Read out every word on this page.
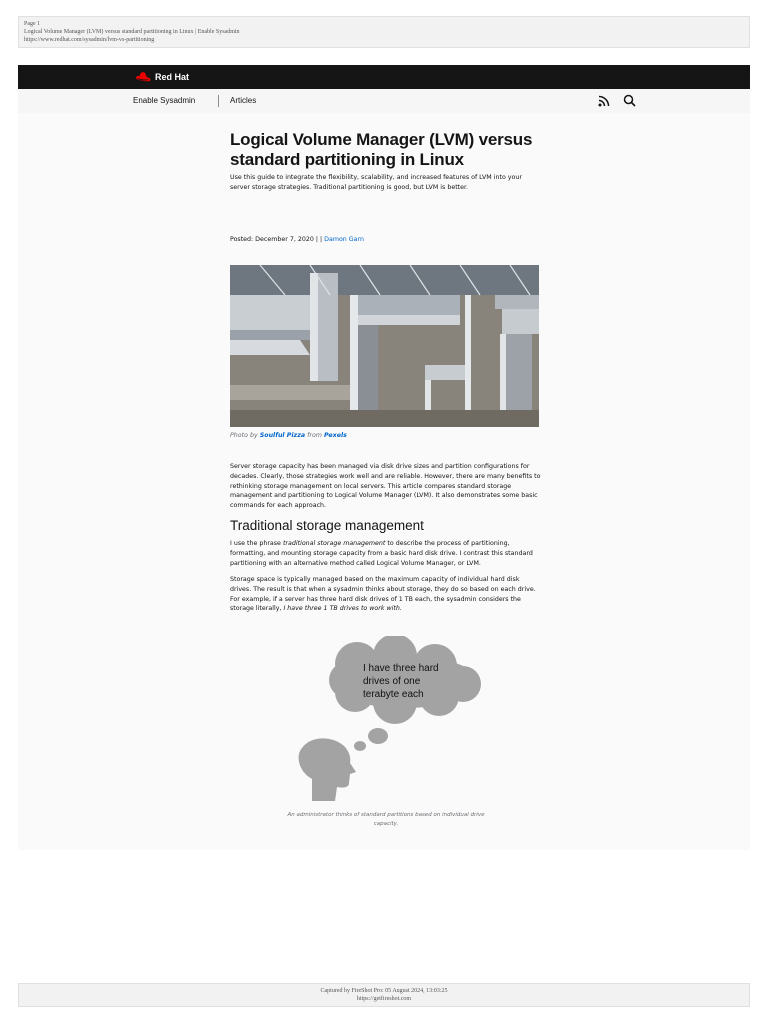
Page 1
Logical Volume Manager (LVM) versus standard partitioning in Linux | Enable Sysadmin
https://www.redhat.com/sysadmin/lvm-vs-partitioning
Red Hat
Enable Sysadmin	Articles
Logical Volume Manager (LVM) versus standard partitioning in Linux

Use this guide to integrate the flexibility, scalability, and increased features of LVM into your server storage strategies. Traditional partitioning is good, but LVM is better.

Posted: December 7, 2020 | | Damon Garn
Photo by Soulful Pizza from Pexels

Server storage capacity has been managed via disk drive sizes and partition configurations for decades. Clearly, those strategies work well and are reliable. However, there are many benefits to rethinking storage management on local servers. This article compares standard storage management and partitioning to Logical Volume Manager (LVM). It also demonstrates some basic commands for each approach.

Traditional storage management

I use the phrase traditional storage management to describe the process of partitioning, formatting, and mounting storage capacity from a basic hard disk drive. I contrast this standard partitioning with an alternative method called Logical Volume Manager, or LVM.

Storage space is typically managed based on the maximum capacity of individual hard disk drives. The result is that when a sysadmin thinks about storage, they do so based on each drive. For example, if a server has three hard disk drives of 1 TB each, the sysadmin considers the storage literally, I have three 1 TB drives to work with.

I have three hard
drives of one
terabyte each
An administrator thinks of standard partitions based on individual drive capacity.
Captured by FireShot Pro: 05 August 2024, 13:03:25
https://getfireshot.com
